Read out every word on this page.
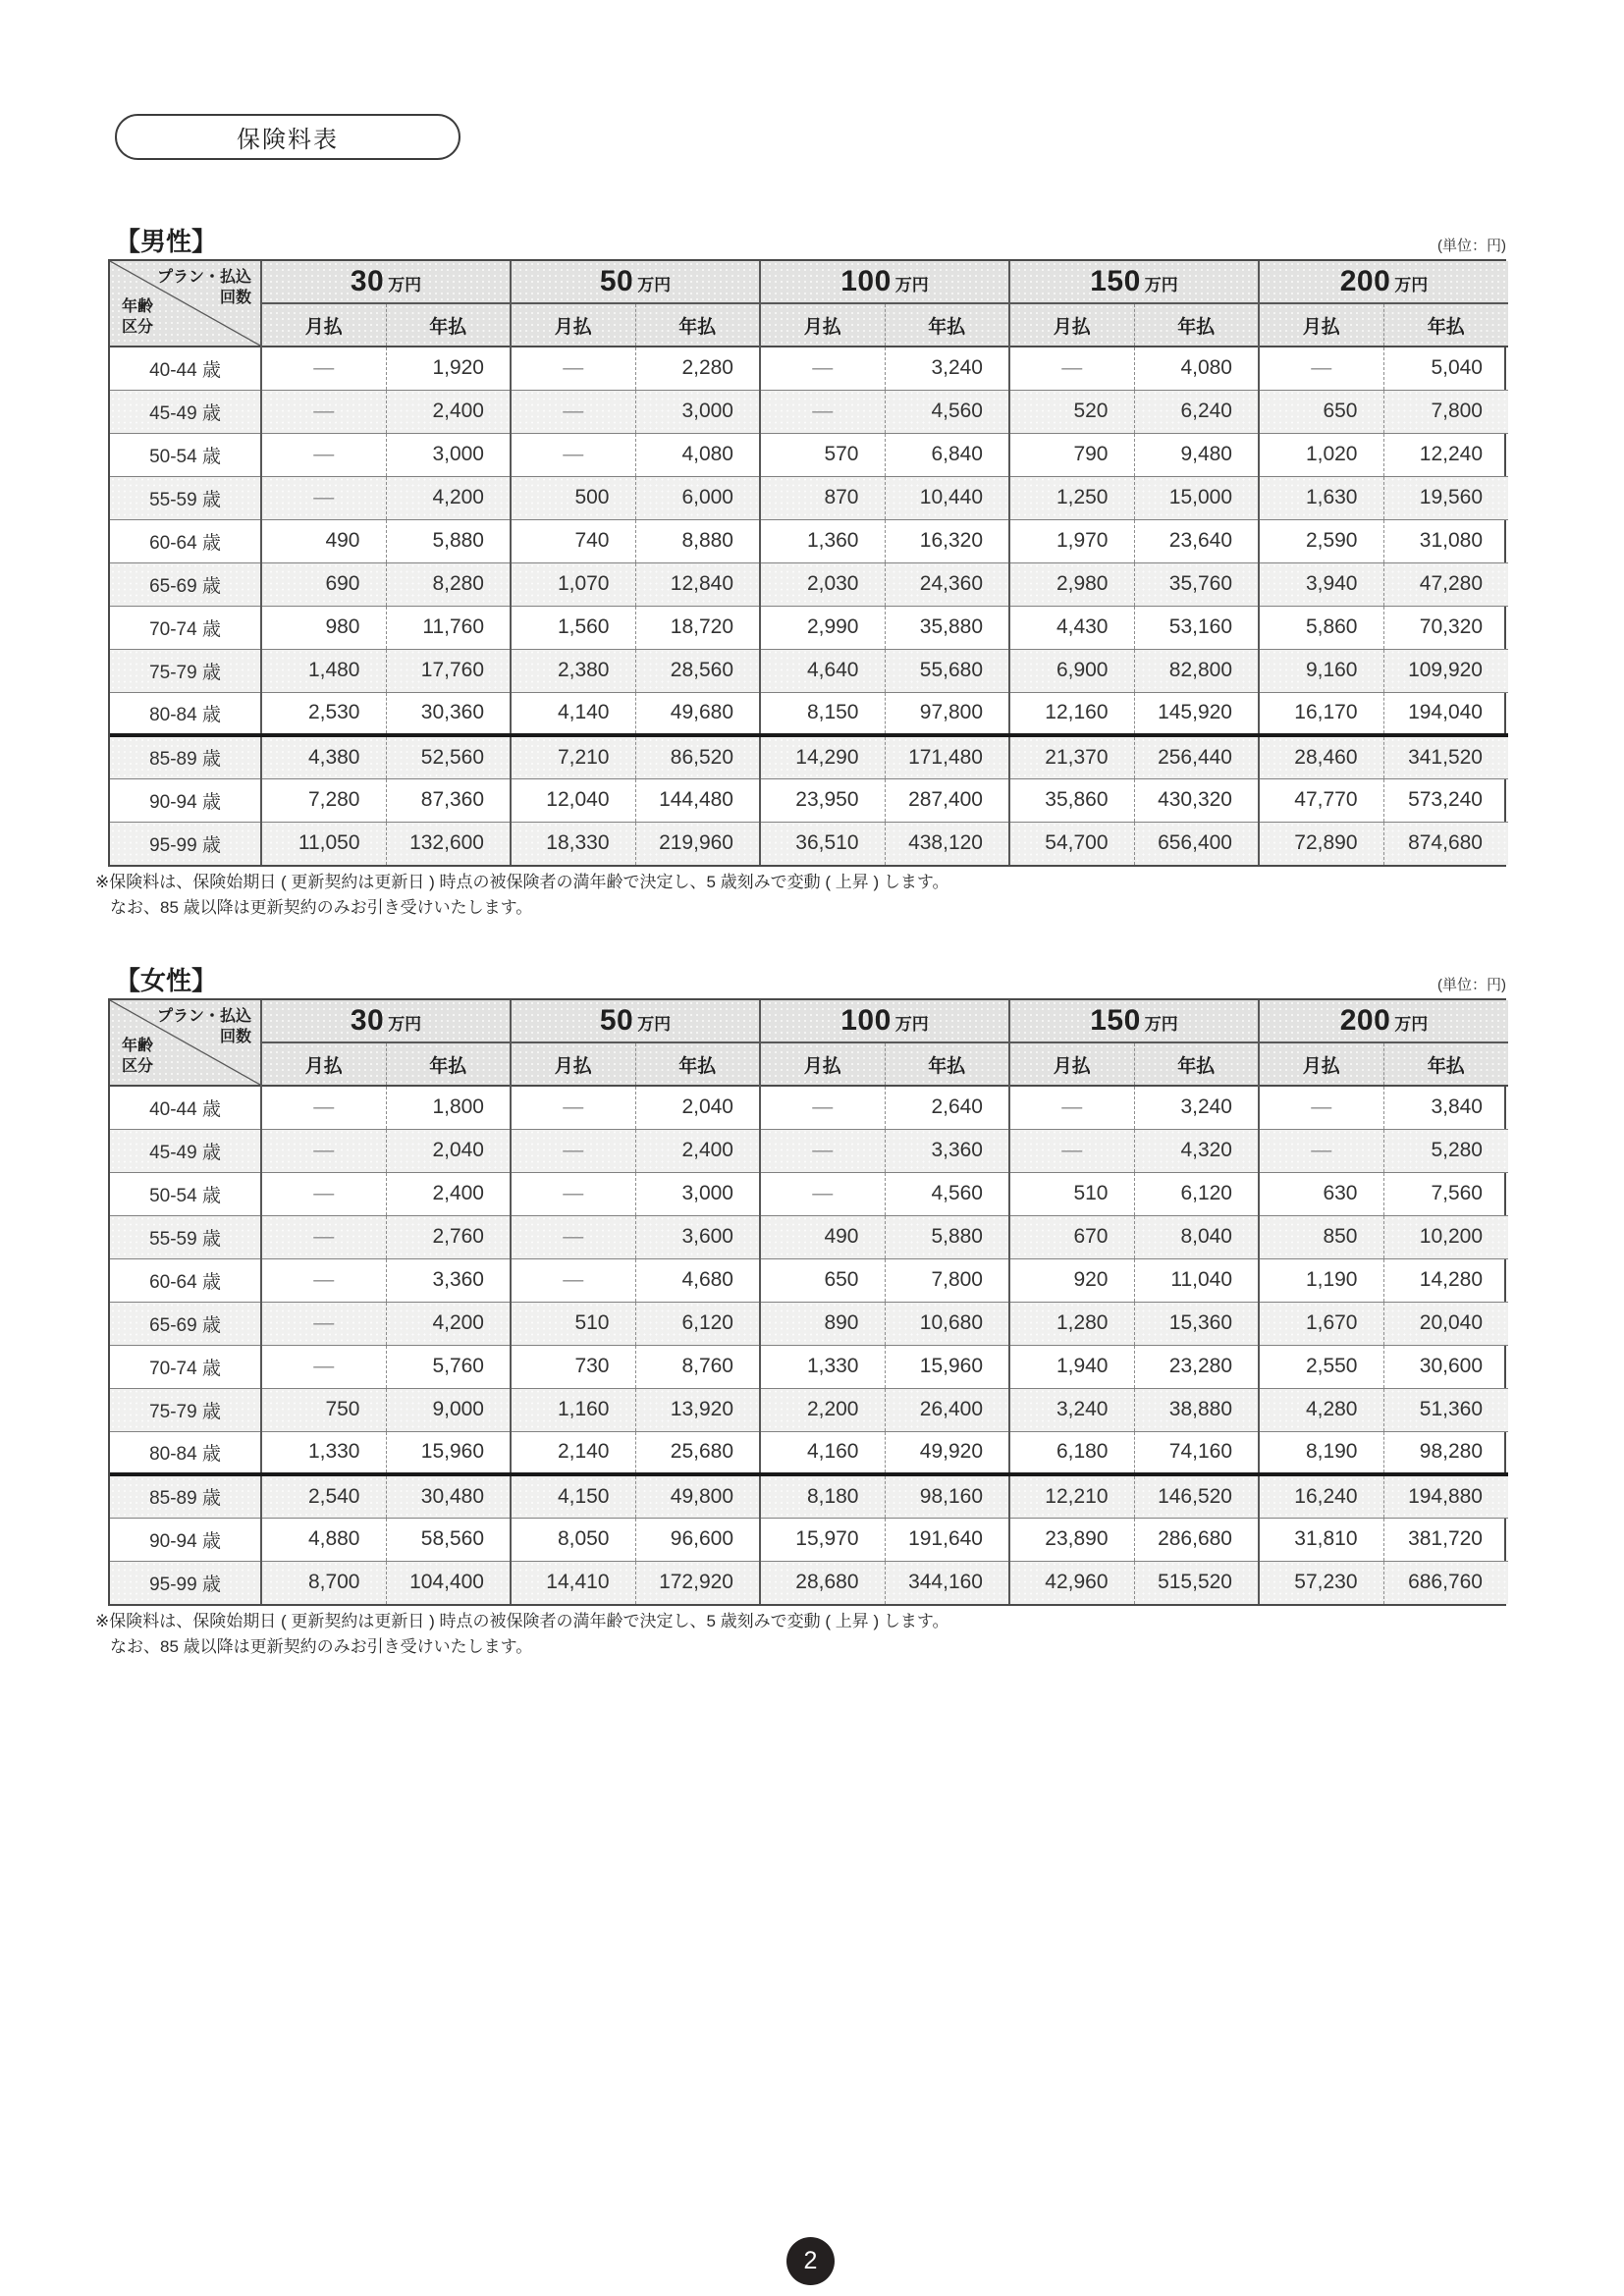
保険料表
【男性】	(単位：円)
プラン・払込
回数
年齢
区分	30 万円		50 万円		100 万円		150 万円		200 万円	
	月払	年払	月払	年払	月払	年払	月払	年払	月払	年払
40-44 歳	—	1,920	—	2,280	—	3,240	—	4,080	—	5,040
45-49 歳	—	2,400	—	3,000	—	4,560	520	6,240	650	7,800
50-54 歳	—	3,000	—	4,080	570	6,840	790	9,480	1,020	12,240
55-59 歳	—	4,200	500	6,000	870	10,440	1,250	15,000	1,630	19,560
60-64 歳	490	5,880	740	8,880	1,360	16,320	1,970	23,640	2,590	31,080
65-69 歳	690	8,280	1,070	12,840	2,030	24,360	2,980	35,760	3,940	47,280
70-74 歳	980	11,760	1,560	18,720	2,990	35,880	4,430	53,160	5,860	70,320
75-79 歳	1,480	17,760	2,380	28,560	4,640	55,680	6,900	82,800	9,160	109,920
80-84 歳	2,530	30,360	4,140	49,680	8,150	97,800	12,160	145,920	16,170	194,040
85-89 歳	4,380	52,560	7,210	86,520	14,290	171,480	21,370	256,440	28,460	341,520
90-94 歳	7,280	87,360	12,040	144,480	23,950	287,400	35,860	430,320	47,770	573,240
95-99 歳	11,050	132,600	18,330	219,960	36,510	438,120	54,700	656,400	72,890	874,680
※保険料は、保険始期日 ( 更新契約は更新日 ) 時点の被保険者の満年齢で決定し、5 歳刻みで変動 ( 上昇 ) します。
なお、85 歳以降は更新契約のみお引き受けいたします。
【女性】	(単位：円)
プラン・払込
回数
年齢
区分	30 万円		50 万円		100 万円		150 万円		200 万円	
	月払	年払	月払	年払	月払	年払	月払	年払	月払	年払
40-44 歳	—	1,800	—	2,040	—	2,640	—	3,240	—	3,840
45-49 歳	—	2,040	—	2,400	—	3,360	—	4,320	—	5,280
50-54 歳	—	2,400	—	3,000	—	4,560	510	6,120	630	7,560
55-59 歳	—	2,760	—	3,600	490	5,880	670	8,040	850	10,200
60-64 歳	—	3,360	—	4,680	650	7,800	920	11,040	1,190	14,280
65-69 歳	—	4,200	510	6,120	890	10,680	1,280	15,360	1,670	20,040
70-74 歳	—	5,760	730	8,760	1,330	15,960	1,940	23,280	2,550	30,600
75-79 歳	750	9,000	1,160	13,920	2,200	26,400	3,240	38,880	4,280	51,360
80-84 歳	1,330	15,960	2,140	25,680	4,160	49,920	6,180	74,160	8,190	98,280
85-89 歳	2,540	30,480	4,150	49,800	8,180	98,160	12,210	146,520	16,240	194,880
90-94 歳	4,880	58,560	8,050	96,600	15,970	191,640	23,890	286,680	31,810	381,720
95-99 歳	8,700	104,400	14,410	172,920	28,680	344,160	42,960	515,520	57,230	686,760
※保険料は、保険始期日 ( 更新契約は更新日 ) 時点の被保険者の満年齢で決定し、5 歳刻みで変動 ( 上昇 ) します。
なお、85 歳以降は更新契約のみお引き受けいたします。
2
